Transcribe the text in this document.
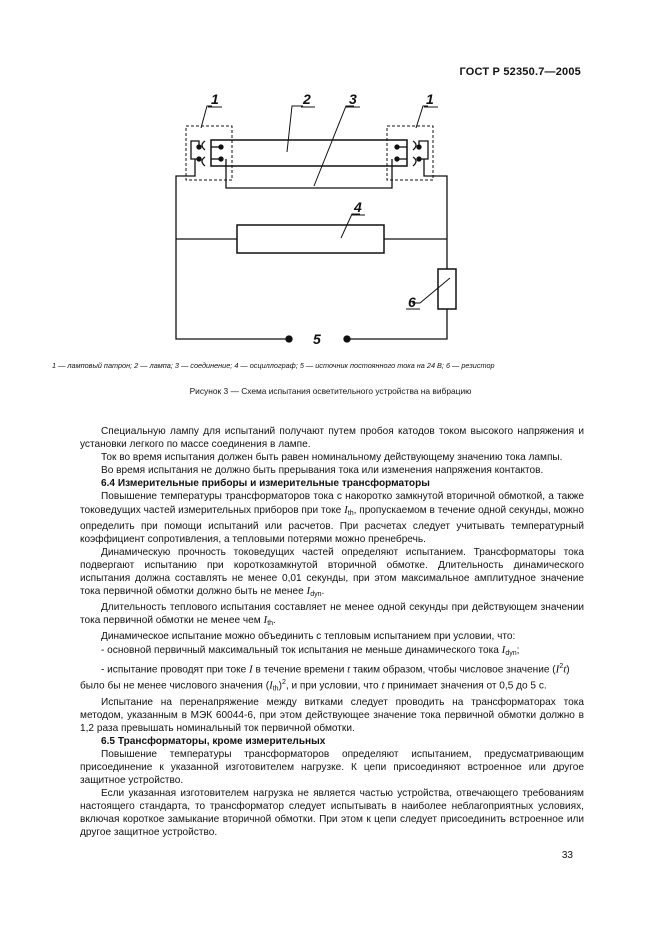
ГОСТ Р 52350.7—2005
1	2	3	1
4
5
6
1 — ламповый патрон; 2 — лампа; 3 — соединение; 4 — осциллограф; 5 — источник постоянного тока на 24 В; 6 — резистор
Рисунок 3 — Схема испытания осветительного устройства на вибрацию

Специальную лампу для испытаний получают путем пробоя катодов током высокого напряжения и установки легкого по массе соединения в лампе.

Ток во время испытания должен быть равен номинальному действующему значению тока лампы.

Во время испытания не должно быть прерывания тока или изменения напряжения контактов.

6.4 Измерительные приборы и измерительные трансформаторы

Повышение температуры трансформаторов тока с накоротко замкнутой вторичной обмоткой, а также токоведущих частей измерительных приборов при токе $I_{th}$, пропускаемом в течение одной секунды, можно определить при помощи испытаний или расчетов. При расчетах следует учитывать температурный коэффициент сопротивления, а тепловыми потерями можно пренебречь.

Динамическую прочность токоведущих частей определяют испытанием. Трансформаторы тока подвергают испытанию при короткозамкнутой вторичной обмотке. Длительность динамического испытания должна составлять не менее 0,01 секунды, при этом максимальное амплитудное значение тока первичной обмотки должно быть не менее $I_{dyn}$.

Длительность теплового испытания составляет не менее одной секунды при действующем значении тока первичной обмотки не менее чем $I_{th}$.

Динамическое испытание можно объединить с тепловым испытанием при условии, что:

- основной первичный максимальный ток испытания не меньше динамического тока $I_{dyn}$;

- испытание проводят при токе I в течение времени t таким образом, чтобы числовое значение $(I^2t)$

было бы не менее числового значения $(I_{th})^2$, и при условии, что t принимает значения от 0,5 до 5 с.

Испытание на перенапряжение между витками следует проводить на трансформаторах тока методом, указанным в МЭК 60044-6, при этом действующее значение тока первичной обмотки должно в 1,2 раза превышать номинальный ток первичной обмотки.

6.5 Трансформаторы, кроме измерительных

Повышение температуры трансформаторов определяют испытанием, предусматривающим присоединение к указанной изготовителем нагрузке. К цепи присоединяют встроенное или другое защитное устройство.

Если указанная изготовителем нагрузка не является частью устройства, отвечающего требованиям настоящего стандарта, то трансформатор следует испытывать в наиболее неблагоприятных условиях, включая короткое замыкание вторичной обмотки. При этом к цепи следует присоединить встроенное или другое защитное устройство.

33
